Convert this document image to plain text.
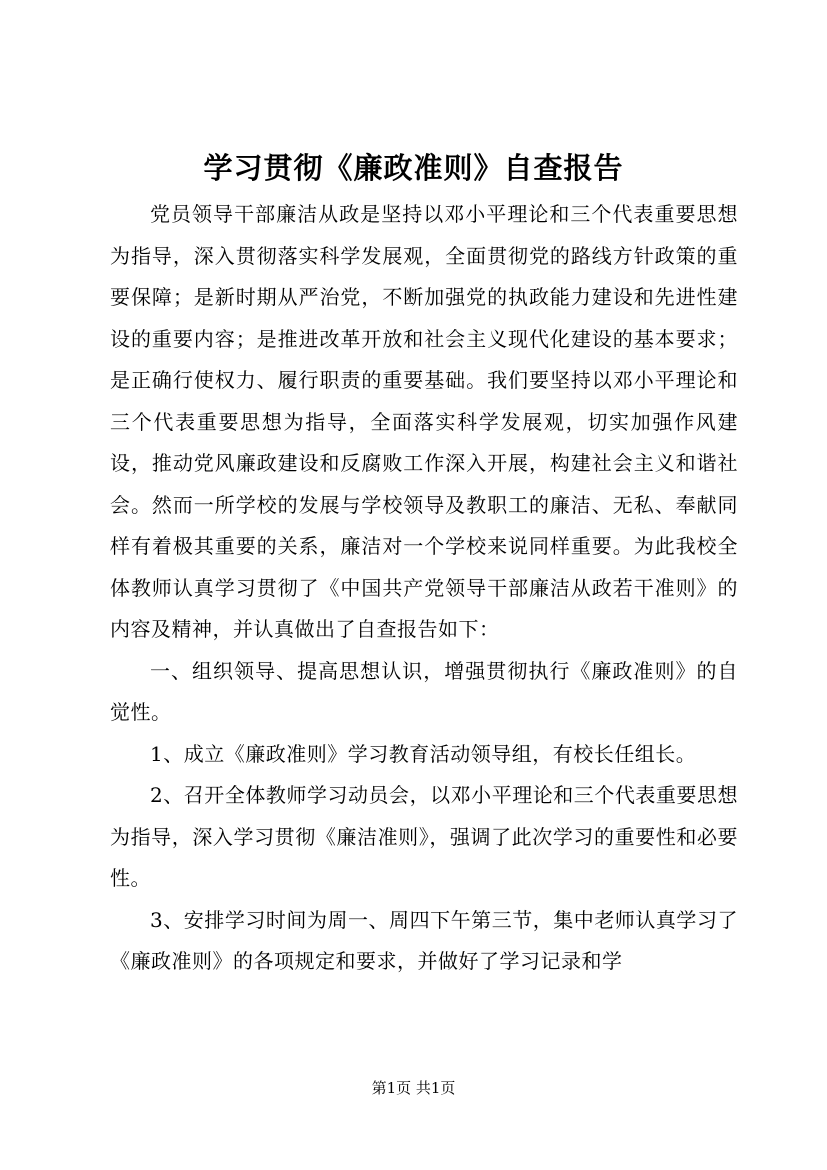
学习贯彻《廉政准则》自查报告

党员领导干部廉洁从政是坚持以邓小平理论和三个代表重要思想为指导，深入贯彻落实科学发展观，全面贯彻党的路线方针政策的重要保障；是新时期从严治党，不断加强党的执政能力建设和先进性建设的重要内容；是推进改革开放和社会主义现代化建设的基本要求；是正确行使权力、履行职责的重要基础。我们要坚持以邓小平理论和三个代表重要思想为指导，全面落实科学发展观，切实加强作风建设，推动党风廉政建设和反腐败工作深入开展，构建社会主义和谐社会。然而一所学校的发展与学校领导及教职工的廉洁、无私、奉献同样有着极其重要的关系，廉洁对一个学校来说同样重要。为此我校全体教师认真学习贯彻了《中国共产党领导干部廉洁从政若干准则》的内容及精神，并认真做出了自查报告如下：

一、组织领导、提高思想认识，增强贯彻执行《廉政准则》的自觉性。

1、成立《廉政准则》学习教育活动领导组，有校长任组长。

2、召开全体教师学习动员会，以邓小平理论和三个代表重要思想为指导，深入学习贯彻《廉洁准则》，强调了此次学习的重要性和必要性。

3、安排学习时间为周一、周四下午第三节，集中老师认真学习了《廉政准则》的各项规定和要求，并做好了学习记录和学

第1页 共1页
